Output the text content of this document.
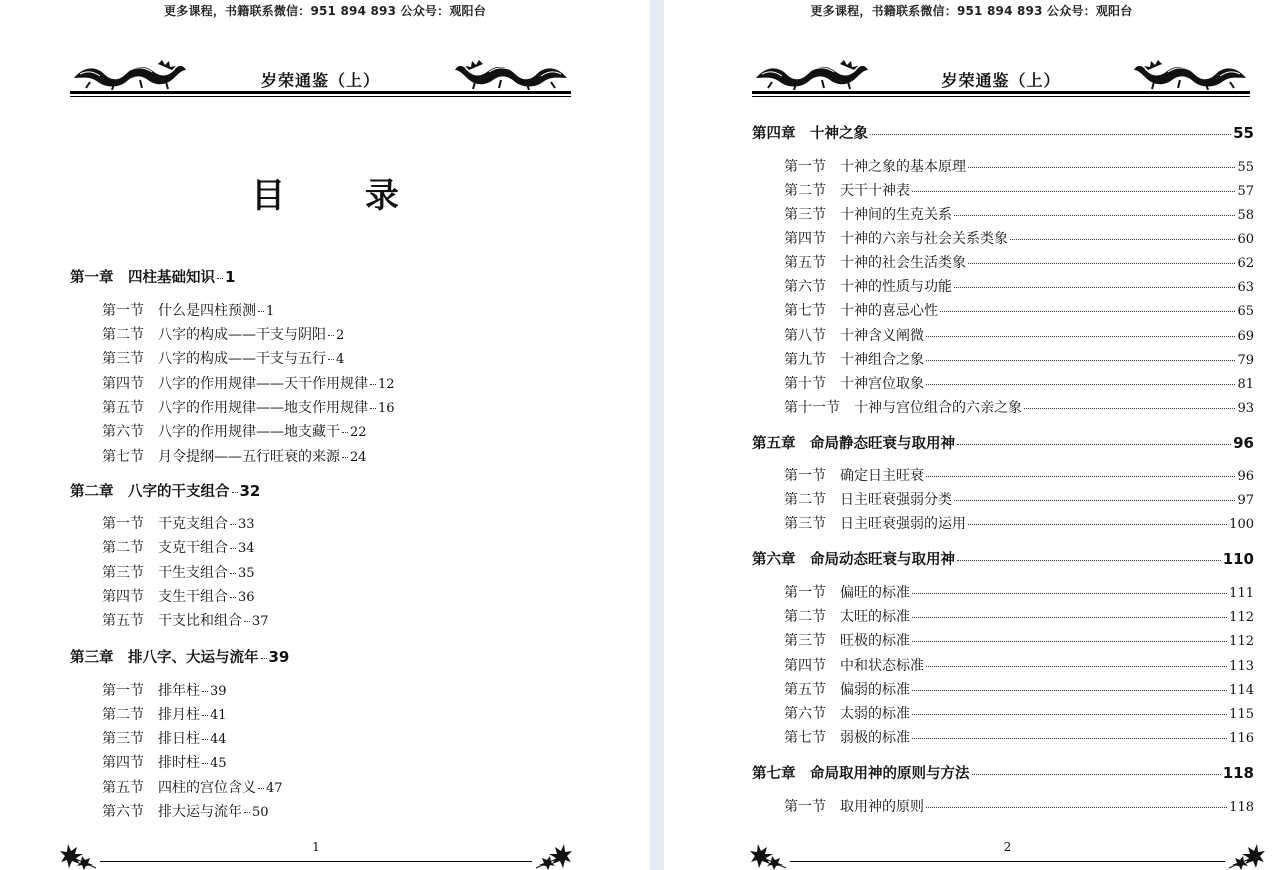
更多课程，书籍联系微信：951 894 893 公众号：观阳台
岁荣通鉴（上）
目 录
第一章　四柱基础知识 1
第一节　什么是四柱预测 1
第二节　八字的构成——干支与阴阳 2
第三节　八字的构成——干支与五行 4
第四节　八字的作用规律——天干作用规律 12
第五节　八字的作用规律——地支作用规律 16
第六节　八字的作用规律——地支藏干 22
第七节　月令提纲——五行旺衰的来源 24
第二章　八字的干支组合 32
第一节　干克支组合 33
第二节　支克干组合 34
第三节　干生支组合 35
第四节　支生干组合 36
第五节　干支比和组合 37
第三章　排八字、大运与流年 39
第一节　排年柱 39
第二节　排月柱 41
第三节　排日柱 44
第四节　排时柱 45
第五节　四柱的宫位含义 47
第六节　排大运与流年 50
1
更多课程，书籍联系微信：951 894 893 公众号：观阳台
岁荣通鉴（上）
第四章　十神之象	55
第一节　十神之象的基本原理	55
第二节　天干十神表	57
第三节　十神间的生克关系	58
第四节　十神的六亲与社会关系类象	60
第五节　十神的社会生活类象	62
第六节　十神的性质与功能	63
第七节　十神的喜忌心性	65
第八节　十神含义阐微	69
第九节　十神组合之象	79
第十节　十神宫位取象	81
第十一节　十神与宫位组合的六亲之象	93
第五章　命局静态旺衰与取用神	96
第一节　确定日主旺衰	96
第二节　日主旺衰强弱分类	97
第三节　日主旺衰强弱的运用	100
第六章　命局动态旺衰与取用神	110
第一节　偏旺的标准	111
第二节　太旺的标准	112
第三节　旺极的标准	112
第四节　中和状态标准	113
第五节　偏弱的标准	114
第六节　太弱的标准	115
第七节　弱极的标准	116
第七章　命局取用神的原则与方法	118
第一节　取用神的原则	118
2
